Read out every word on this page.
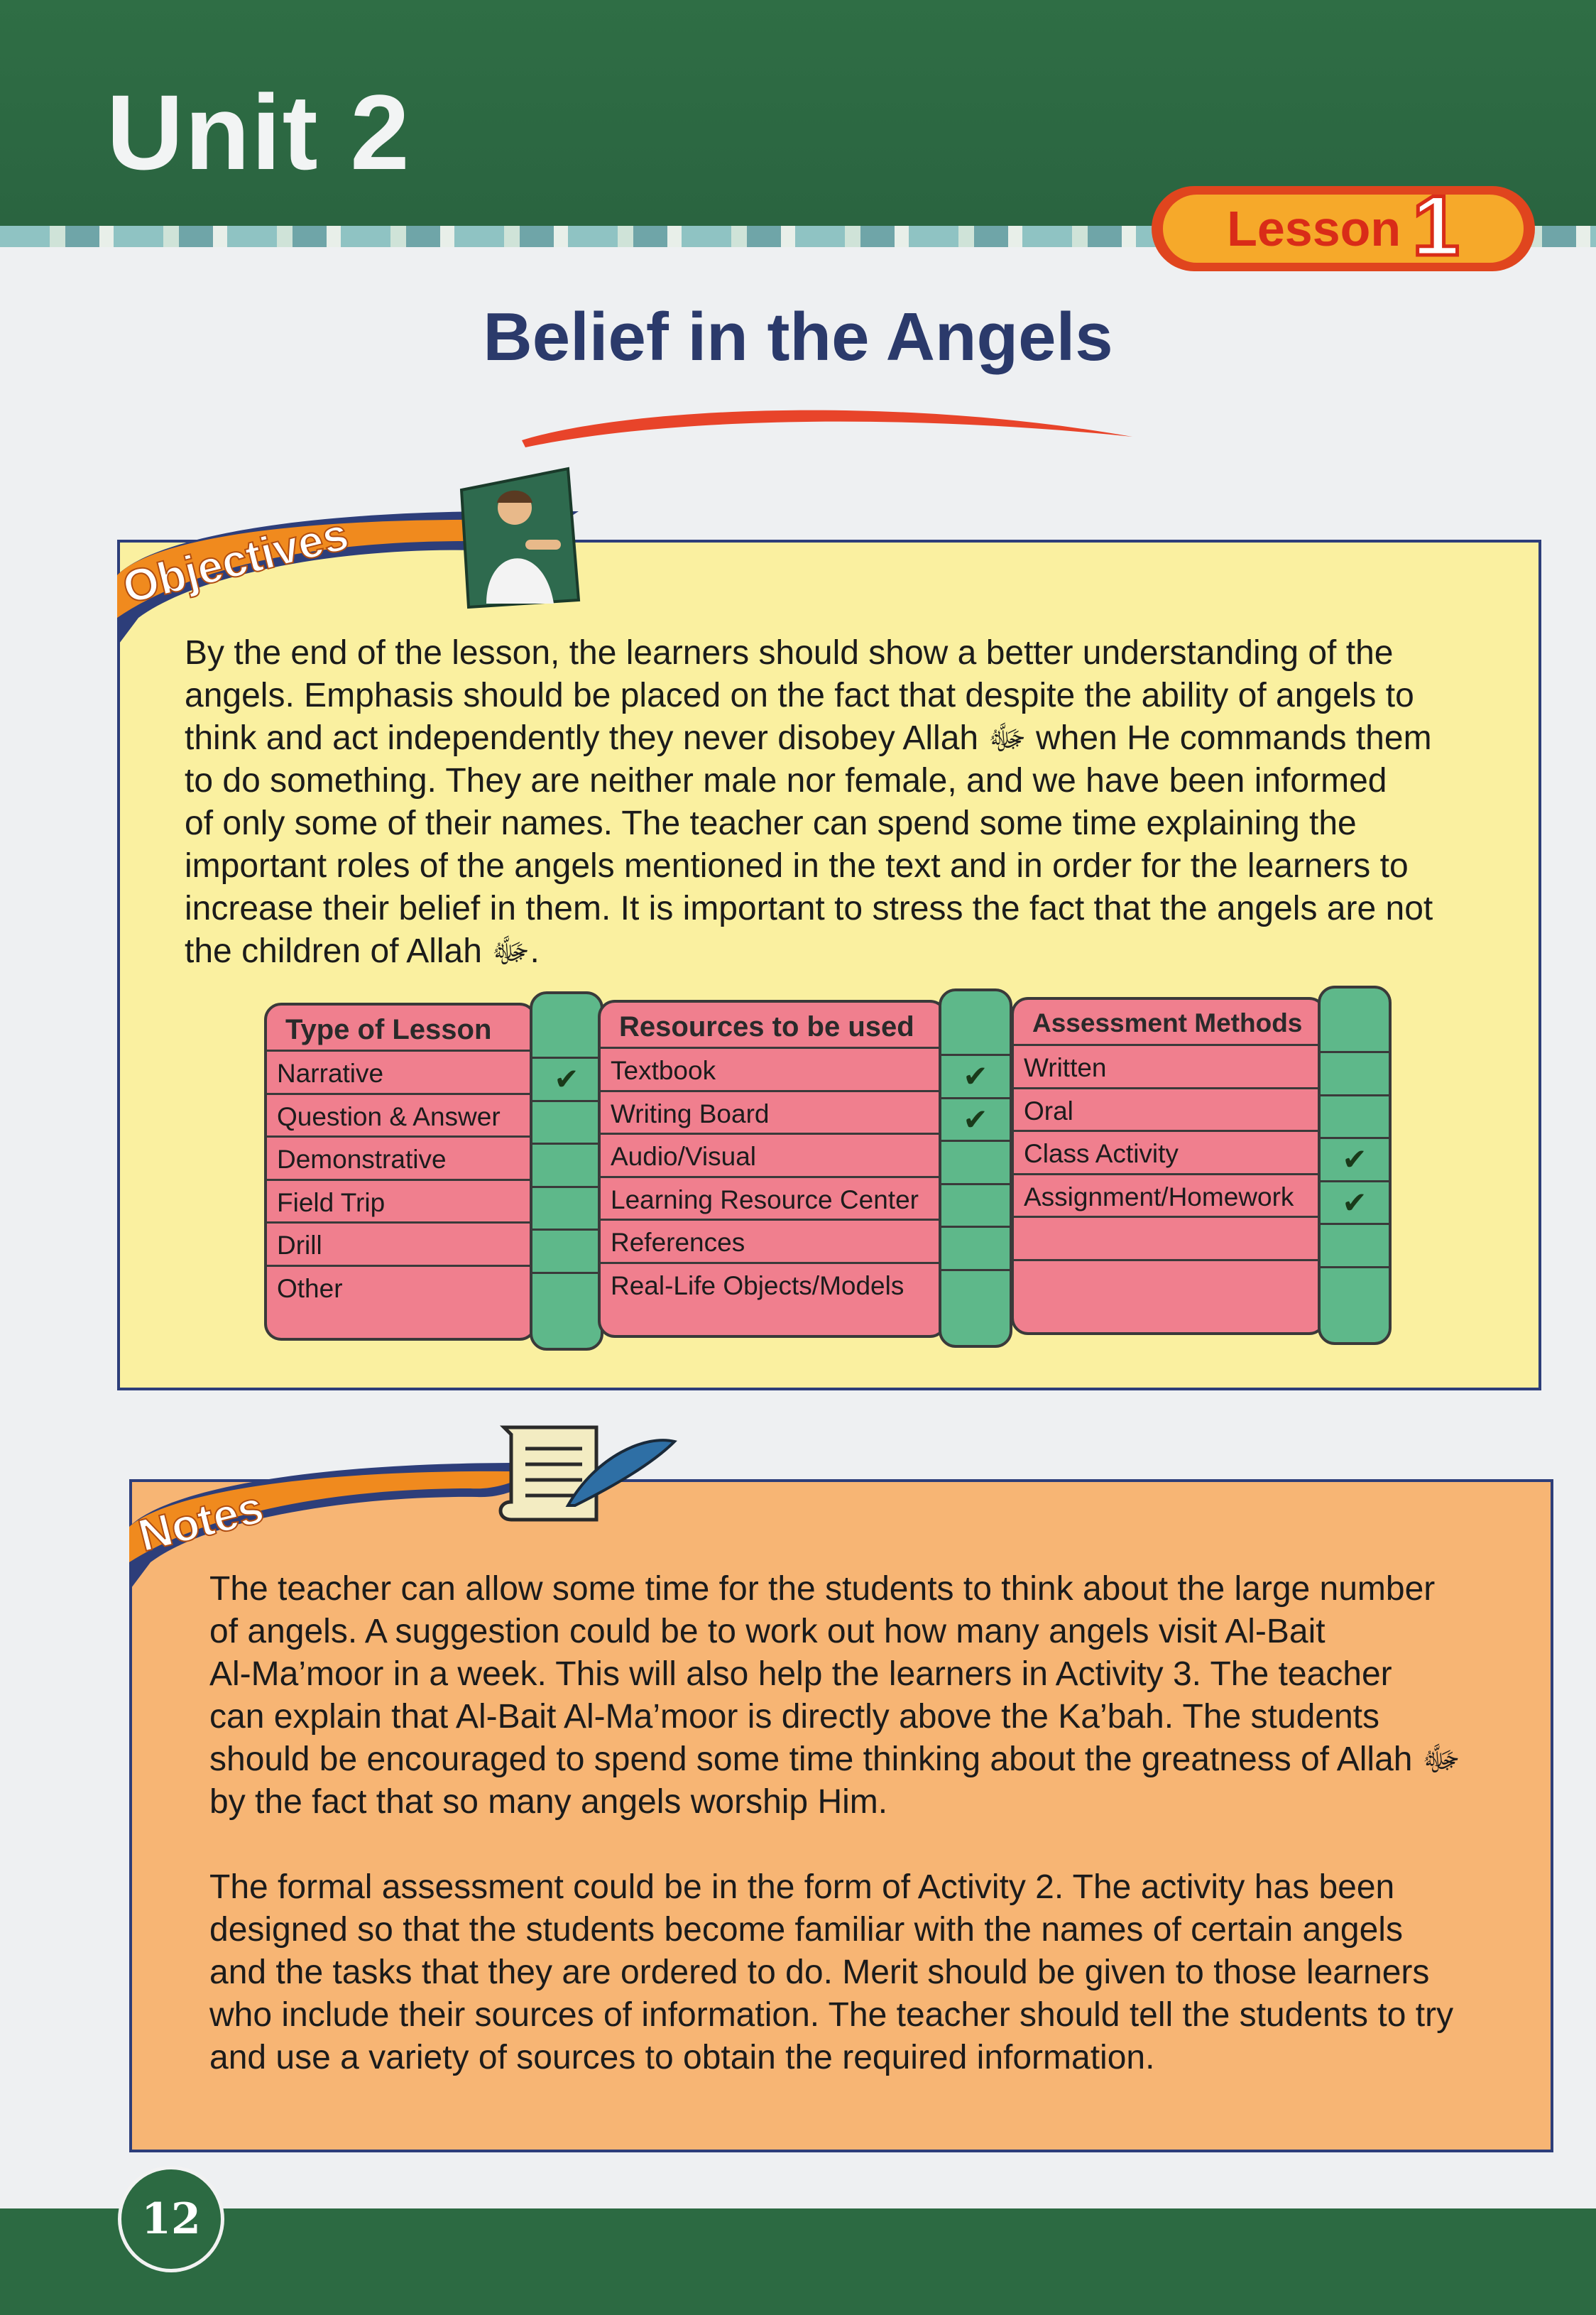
Unit 2
Lesson 1
Belief in the Angels
Objectives
By the end of the lesson, the learners should show a better understanding of the
angels. Emphasis should be placed on the fact that despite the ability of angels to
think and act independently they never disobey Allah ﷻ when He commands them
to do something. They are neither male nor female, and we have been informed
of only some of their names. The teacher can spend some time explaining the
important roles of the angels mentioned in the text and in order for the learners to
increase their belief in them. It is important to stress the fact that the angels are not
the children of Allah ﷻ.
Type of Lesson
Narrative
Question & Answer
Demonstrative
Field Trip
Drill
Other
✔
Resources to be used
Textbook
Writing Board
Audio/Visual
Learning Resource Center
References
Real-Life Objects/Models
✔
✔
Assessment Methods
Written
Oral
Class Activity
Assignment/Homework
✔
✔
Notes
The teacher can allow some time for the students to think about the large number
of angels. A suggestion could be to work out how many angels visit Al-Bait
Al-Ma’moor in a week. This will also help the learners in Activity 3. The teacher
can explain that Al-Bait Al-Ma’moor is directly above the Ka’bah. The students
should be encouraged to spend some time thinking about the greatness of Allah ﷻ
by the fact that so many angels worship Him.
The formal assessment could be in the form of Activity 2. The activity has been
designed so that the students become familiar with the names of certain angels
and the tasks that they are ordered to do. Merit should be given to those learners
who include their sources of information. The teacher should tell the students to try
and use a variety of sources to obtain the required information.
12
